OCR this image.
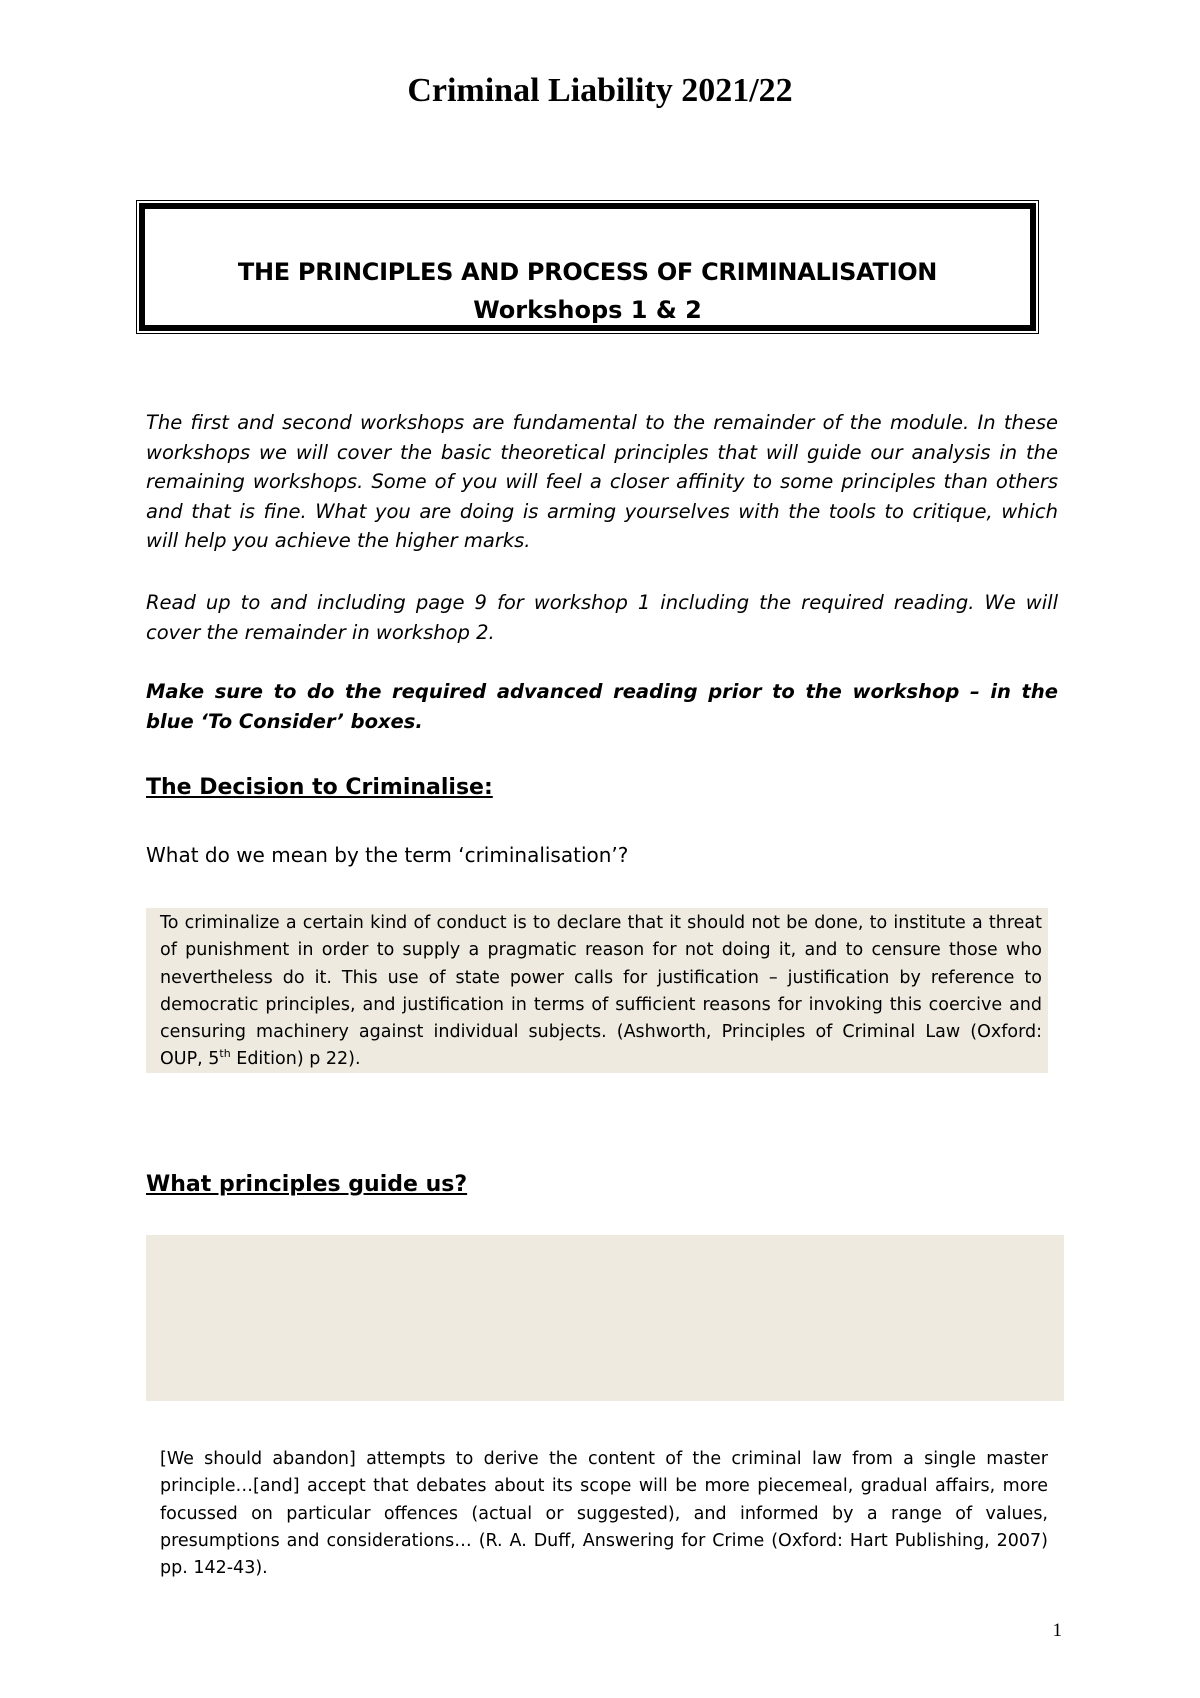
Criminal Liability 2021/22
THE PRINCIPLES AND PROCESS OF CRIMINALISATION
Workshops 1 & 2
The first and second workshops are fundamental to the remainder of the module. In these workshops we will cover the basic theoretical principles that will guide our analysis in the remaining workshops. Some of you will feel a closer affinity to some principles than others and that is fine. What you are doing is arming yourselves with the tools to critique, which will help you achieve the higher marks.
Read up to and including page 9 for workshop 1 including the required reading. We will cover the remainder in workshop 2.
Make sure to do the required advanced reading prior to the workshop – in the blue ‘To Consider’ boxes.
The Decision to Criminalise:
What do we mean by the term ‘criminalisation’?

To criminalize a certain kind of conduct is to declare that it should not be done, to institute a threat of punishment in order to supply a pragmatic reason for not doing it, and to censure those who nevertheless do it. This use of state power calls for justification – justification by reference to democratic principles, and justification in terms of sufficient reasons for invoking this coercive and censuring machinery against individual subjects. (Ashworth, Principles of Criminal Law (Oxford: OUP, 5th Edition) p 22).

What principles guide us?
[We should abandon] attempts to derive the content of the criminal law from a single master principle…[and] accept that debates about its scope will be more piecemeal, gradual affairs, more focussed on particular offences (actual or suggested), and informed by a range of values, presumptions and considerations… (R. A. Duff, Answering for Crime (Oxford: Hart Publishing, 2007) pp. 142-43).
1
